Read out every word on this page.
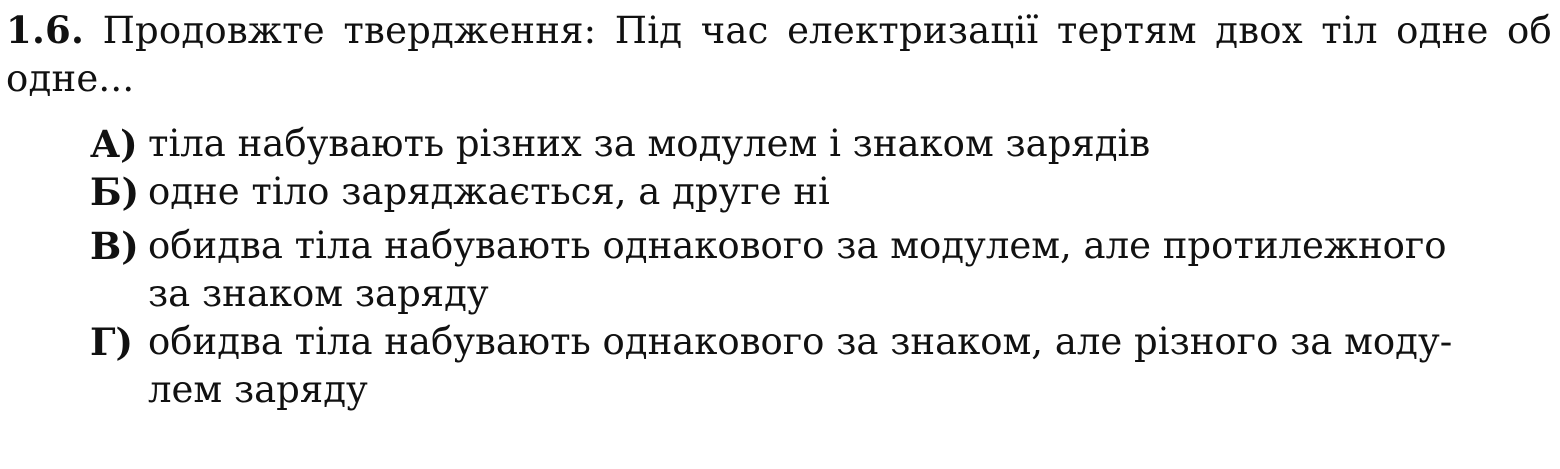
1.6. Продовжте твердження: Під час електризації тертям двох тіл одне об одне...
А) тіла набувають різних за модулем і знаком зарядів
Б) одне тіло заряджається, а друге ні
В) обидва тіла набувають однакового за модулем, але протилежного
за знаком заряду
Г) обидва тіла набувають однакового за знаком, але різного за моду-
лем заряду
